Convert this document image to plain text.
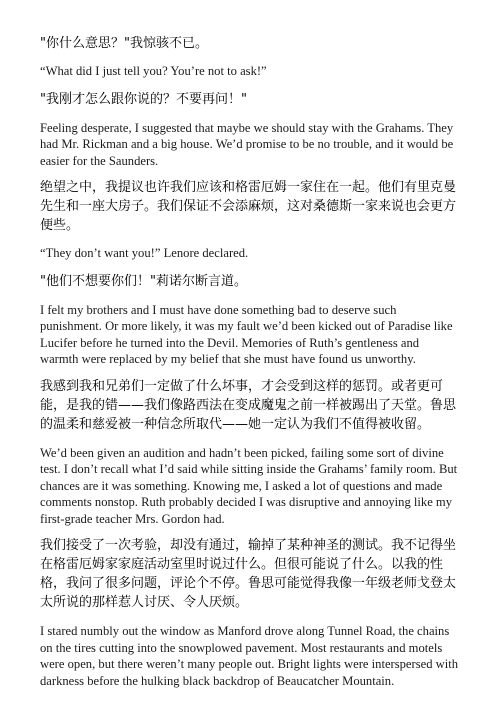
"你什么意思？"我惊骇不已。

“What did I just tell you? You’re not to ask!”

"我刚才怎么跟你说的？不要再问！"

Feeling desperate, I suggested that maybe we should stay with the Grahams. They had Mr. Rickman and a big house. We’d promise to be no trouble, and it would be easier for the Saunders.

绝望之中，我提议也许我们应该和格雷厄姆一家住在一起。他们有里克曼先生和一座大房子。我们保证不会添麻烦，这对桑德斯一家来说也会更方便些。

“They don’t want you!” Lenore declared.

"他们不想要你们！"莉诺尔断言道。

I felt my brothers and I must have done something bad to deserve such punishment. Or more likely, it was my fault we’d been kicked out of Paradise like Lucifer before he turned into the Devil. Memories of Ruth’s gentleness and warmth were replaced by my belief that she must have found us unworthy.

我感到我和兄弟们一定做了什么坏事，才会受到这样的惩罚。或者更可能，是我的错——我们像路西法在变成魔鬼之前一样被踢出了天堂。鲁思的温柔和慈爱被一种信念所取代——她一定认为我们不值得被收留。

We’d been given an audition and hadn’t been picked, failing some sort of divine test. I don’t recall what I’d said while sitting inside the Grahams’ family room. But chances are it was something. Knowing me, I asked a lot of questions and made comments nonstop. Ruth probably decided I was disruptive and annoying like my first-grade teacher Mrs. Gordon had.

我们接受了一次考验，却没有通过，输掉了某种神圣的测试。我不记得坐在格雷厄姆家家庭活动室里时说过什么。但很可能说了什么。以我的性格，我问了很多问题，评论个不停。鲁思可能觉得我像一年级老师戈登太太所说的那样惹人讨厌、令人厌烦。

I stared numbly out the window as Manford drove along Tunnel Road, the chains on the tires cutting into the snowplowed pavement. Most restaurants and motels were open, but there weren’t many people out. Bright lights were interspersed with darkness before the hulking black backdrop of Beaucatcher Mountain.
